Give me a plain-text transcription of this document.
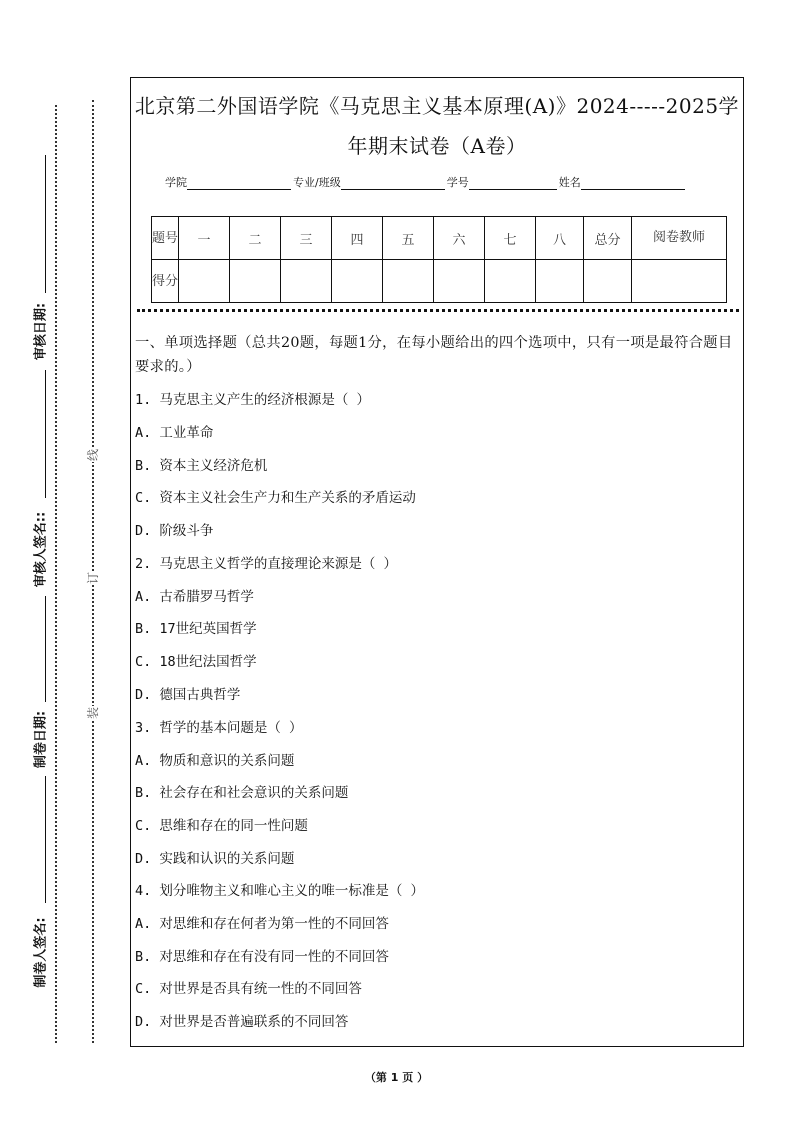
审核日期:
审核人签名::
制卷日期:
制卷人签名:
线
订
装
北京第二外国语学院《马克思主义基本原理(A)》2024-----2025学
年期末试卷（A卷）
学院	专业/班级	学号	姓名
题号	一	二	三	四	五	六	七	八	总分	阅卷教师
得分										
一、单项选择题（总共20题，每题1分，在每小题给出的四个选项中，只有一项是最符合题目要求的。）
1. 马克思主义产生的经济根源是（ ）
A. 工业革命
B. 资本主义经济危机
C. 资本主义社会生产力和生产关系的矛盾运动
D. 阶级斗争
2. 马克思主义哲学的直接理论来源是（ ）
A. 古希腊罗马哲学
B. 17世纪英国哲学
C. 18世纪法国哲学
D. 德国古典哲学
3. 哲学的基本问题是（ ）
A. 物质和意识的关系问题
B. 社会存在和社会意识的关系问题
C. 思维和存在的同一性问题
D. 实践和认识的关系问题
4. 划分唯物主义和唯心主义的唯一标准是（ ）
A. 对思维和存在何者为第一性的不同回答
B. 对思维和存在有没有同一性的不同回答
C. 对世界是否具有统一性的不同回答
D. 对世界是否普遍联系的不同回答
（第 1 页 ）
